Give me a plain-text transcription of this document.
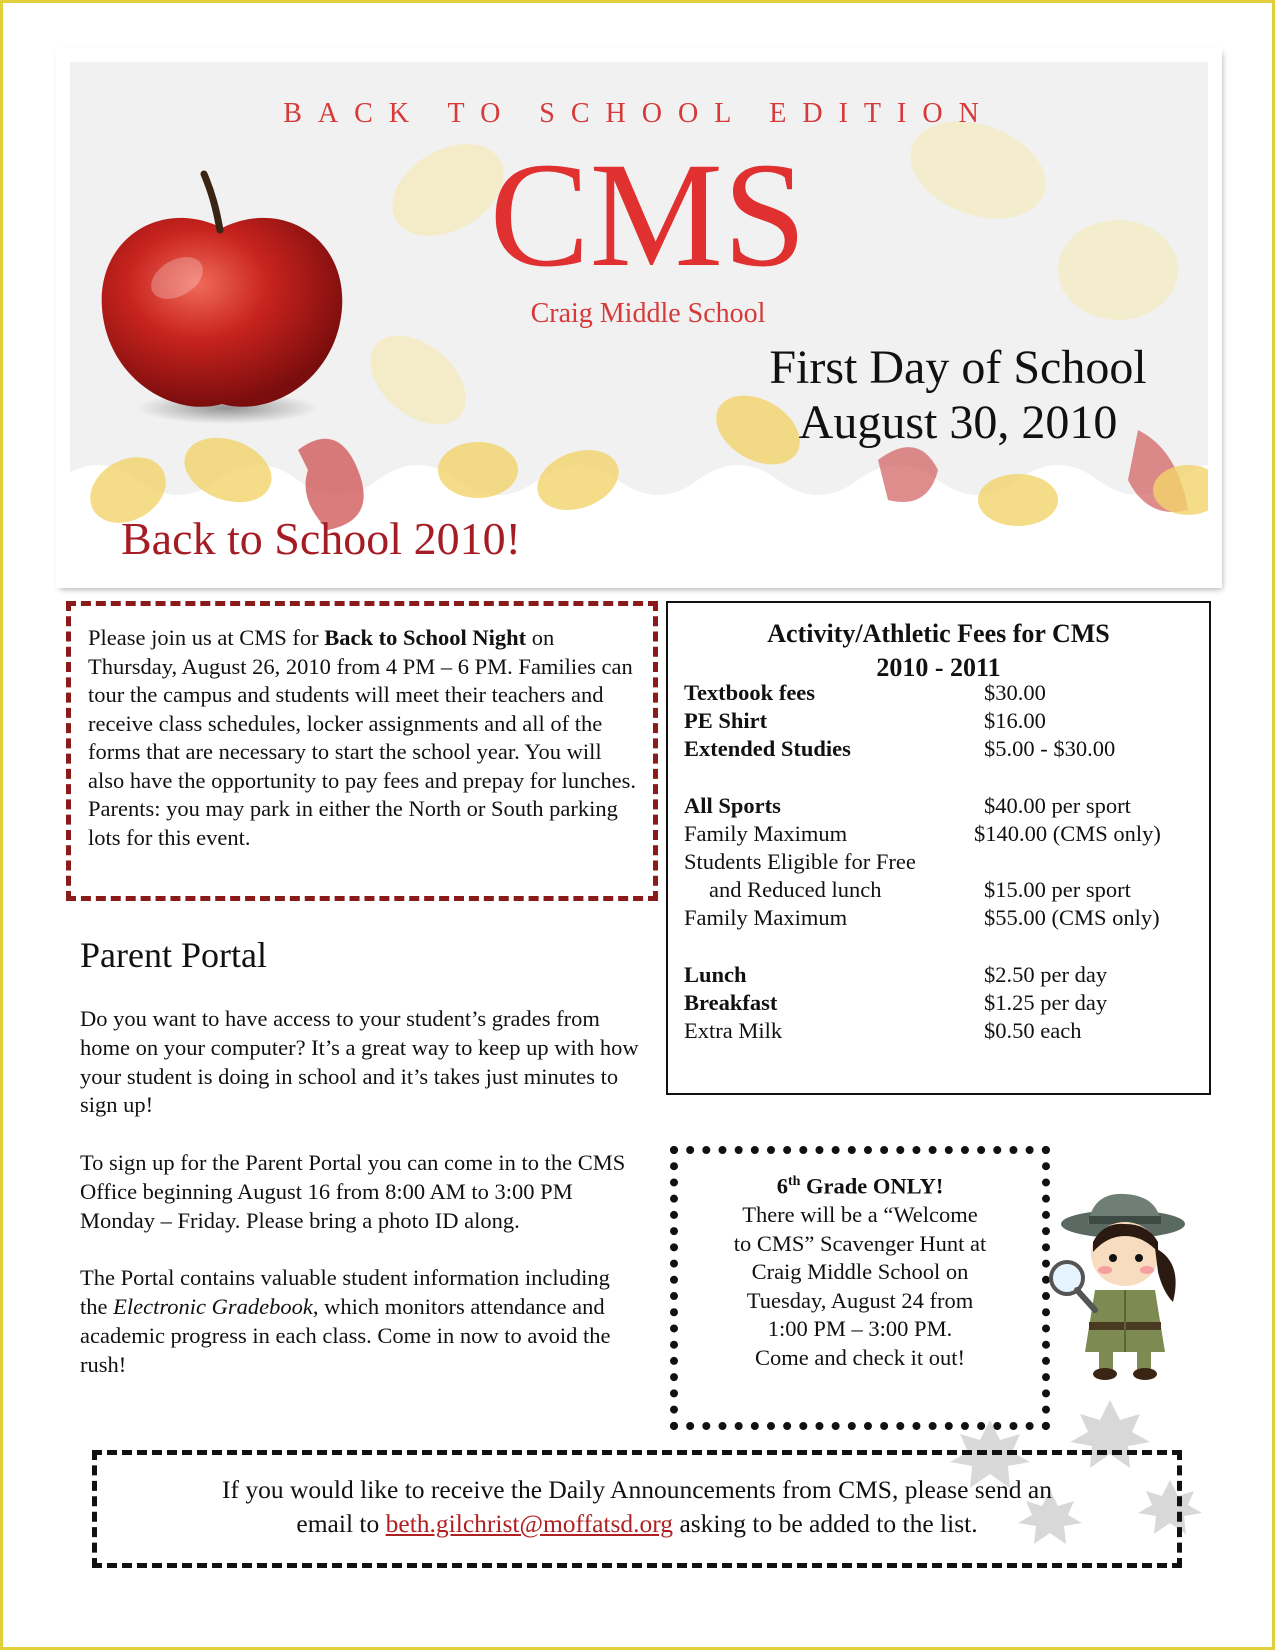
BACK TO SCHOOL EDITION
CMS
Craig Middle School
First Day of School
August 30, 2010
Back to School 2010!
Please join us at CMS for Back to School Night on Thursday, August 26, 2010 from 4 PM – 6 PM. Families can tour the campus and students will meet their teachers and receive class schedules, locker assignments and all of the forms that are necessary to start the school year. You will also have the opportunity to pay fees and prepay for lunches. Parents: you may park in either the North or South parking lots for this event.
Parent Portal

Do you want to have access to your student’s grades from home on your computer? It’s a great way to keep up with how your student is doing in school and it’s takes just minutes to sign up!

To sign up for the Parent Portal you can come in to the CMS Office beginning August 16 from 8:00 AM to 3:00 PM Monday – Friday. Please bring a photo ID along.

The Portal contains valuable student information including the Electronic Gradebook, which monitors attendance and academic progress in each class. Come in now to avoid the rush!

Activity/Athletic Fees for CMS
2010 - 2011
Textbook fees	$30.00
PE Shirt	$16.00
Extended Studies	$5.00 - $30.00
All Sports	$40.00 per sport
Family Maximum	$140.00 (CMS only)
Students Eligible for Free
and Reduced lunch	$15.00 per sport
Family Maximum	$55.00 (CMS only)
Lunch	$2.50 per day
Breakfast	$1.25 per day
Extra Milk	$0.50 each
6th Grade ONLY!
There will be a “Welcome
to CMS” Scavenger Hunt at
Craig Middle School on
Tuesday, August 24 from
1:00 PM – 3:00 PM.
Come and check it out!
If you would like to receive the Daily Announcements from CMS, please send an
email to beth.gilchrist@moffatsd.org asking to be added to the list.
